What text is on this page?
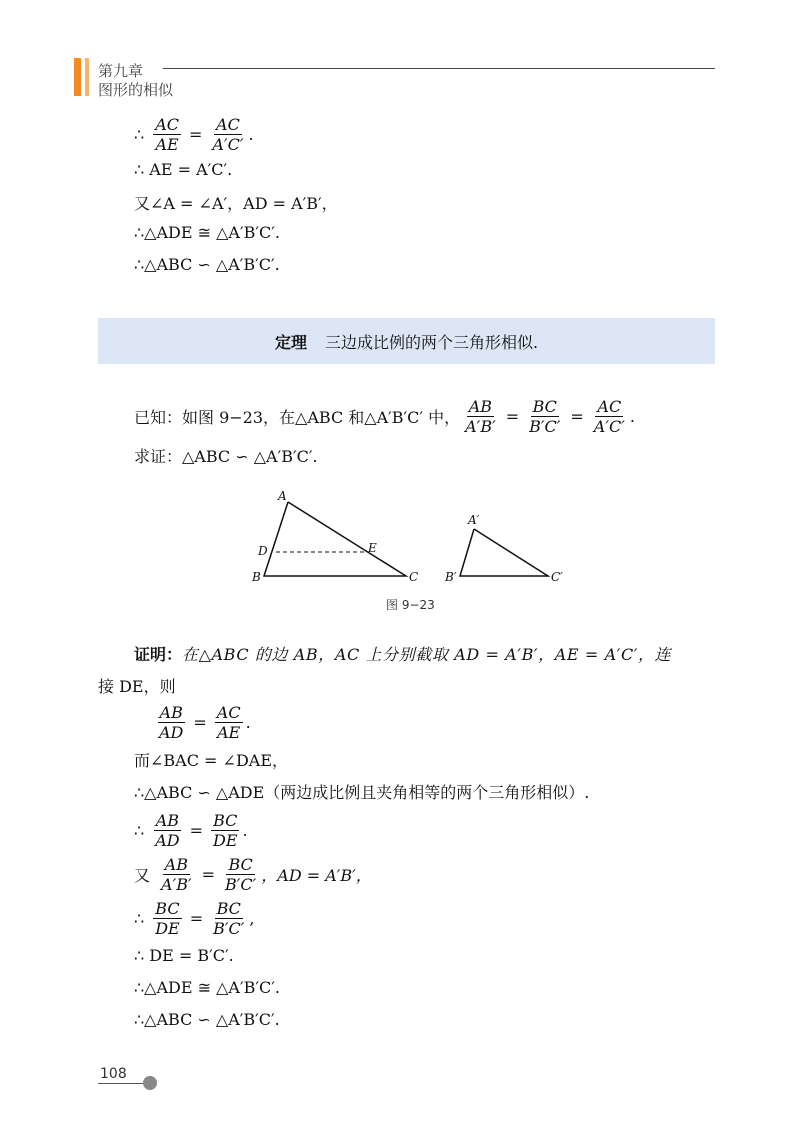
第九章
图形的相似
∴ $\frac{AC}{AE} = \frac{AC}{A'C'}$ .
∴ AE = A′C′.
又∠A = ∠A′，AD = A′B′，
∴△ADE ≅ △A′B′C′.
∴△ABC ∽ △A′B′C′.
定理 三边成比例的两个三角形相似.
已知：如图 9−23，在△ABC 和△A′B′C′ 中， $\frac{AB}{A'B'} = \frac{BC}{B'C'} = \frac{AC}{A'C'}$ .
求证：△ABC ∽ △A′B′C′.
A
D	E
B	C
A′
B′	C′
图 9−23
证明： 在△ABC 的边 AB，AC 上分别截取 AD = A′B′，AE = A′C′，连
接 DE，则
$\frac{AB}{AD} = \frac{AC}{AE}$ .
而∠BAC = ∠DAE，
∴△ABC ∽ △ADE（两边成比例且夹角相等的两个三角形相似）.
∴ $\frac{AB}{AD} = \frac{BC}{DE}$ .
又 $\frac{AB}{A'B'} = \frac{BC}{B'C'}$ ，AD = A′B′，
∴ $\frac{BC}{DE} = \frac{BC}{B'C'}$ ,
∴ DE = B′C′.
∴△ADE ≅ △A′B′C′.
∴△ABC ∽ △A′B′C′.
108
